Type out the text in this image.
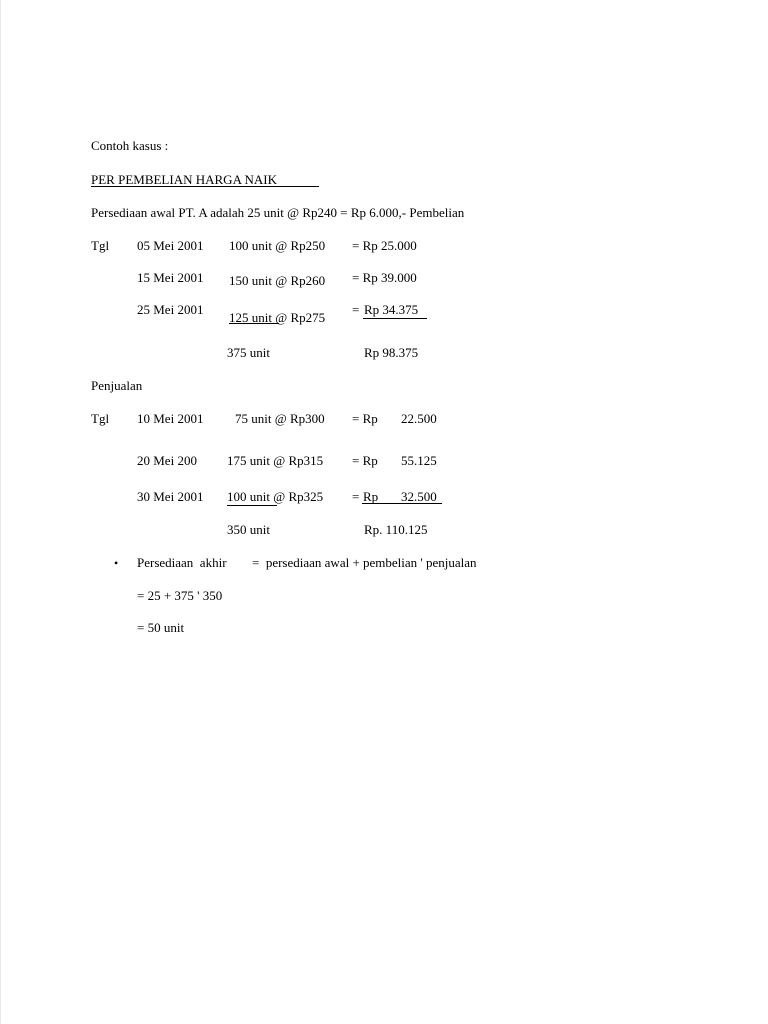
Contoh kasus :
PER PEMBELIAN HARGA NAIK
Persediaan awal PT. A adalah 25 unit @ Rp240 = Rp 6.000,- Pembelian
Tgl 05 Mei 2001 100 unit @ Rp250 = Rp 25.000
15 Mei 2001 150 unit @ Rp260 = Rp 39.000
25 Mei 2001
125 unit @ Rp275
= Rp 34.375
375 unit	Rp 98.375
Penjualan
Tgl 10 Mei 2001 75 unit @ Rp300 = Rp 22.500
20 Mei 200 175 unit @ Rp315 = Rp 55.125
30 Mei 2001 100 unit @ Rp325 = Rp 32.500
350 unit	Rp. 110.125
• Persediaan  akhir =  persediaan awal + pembelian ' penjualan
= 25 + 375 ' 350
= 50 unit
